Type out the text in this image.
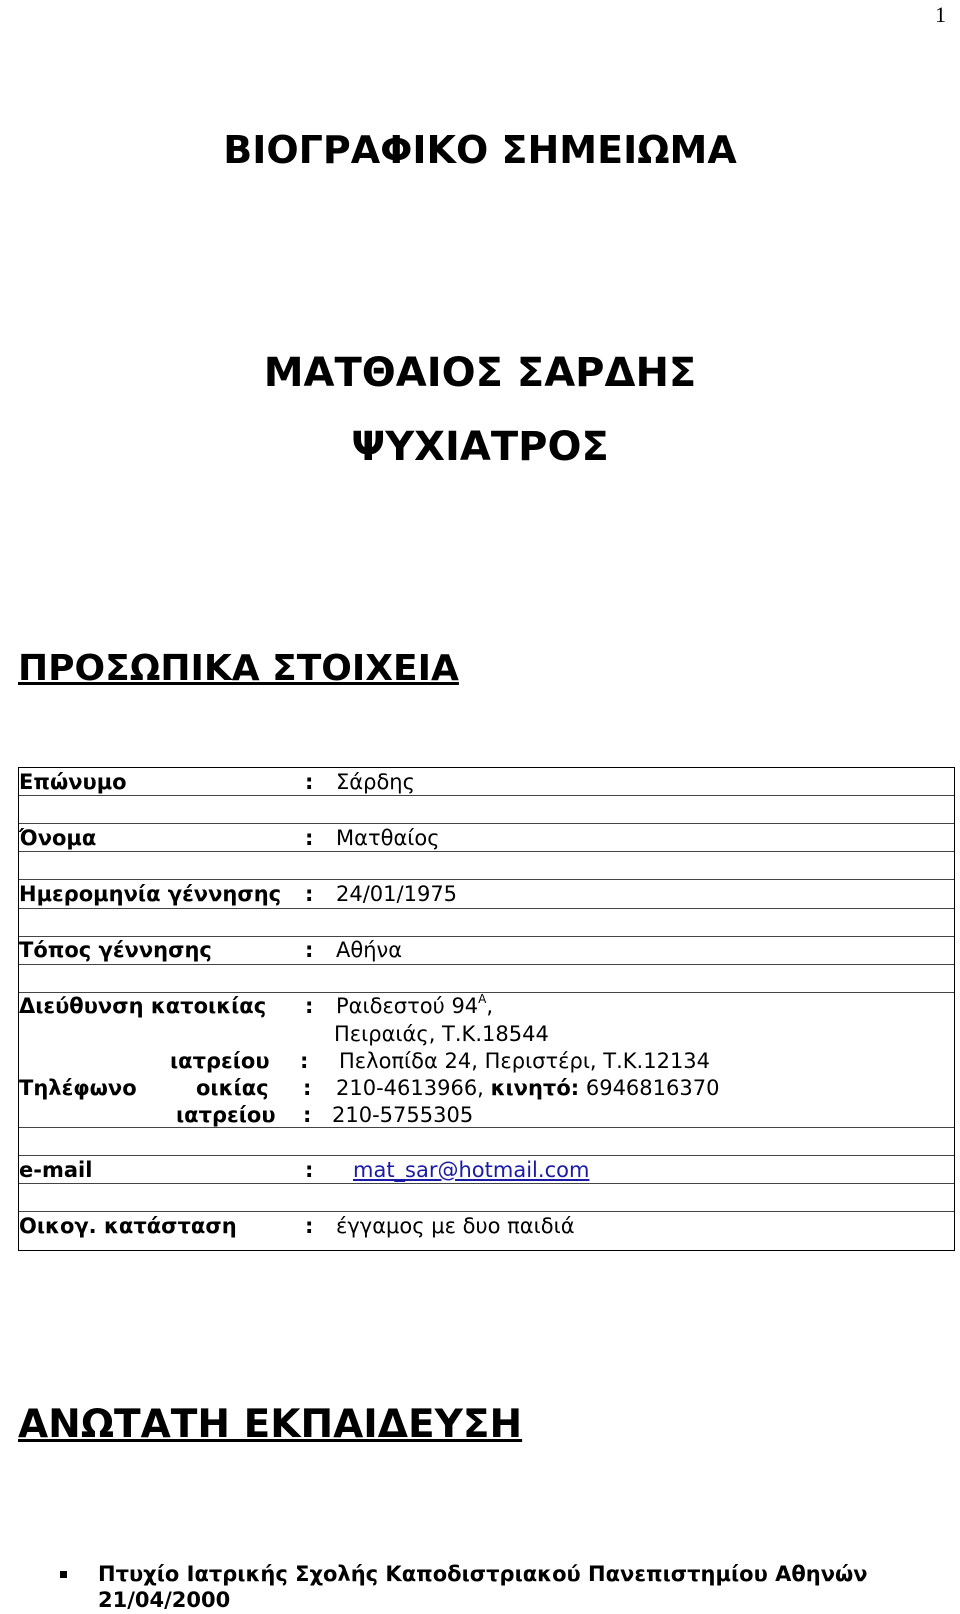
1
ΒΙΟΓΡΑΦΙΚΟ ΣΗΜΕΙΩΜΑ
ΜΑΤΘΑΙΟΣ ΣΑΡΔΗΣ
ΨΥΧΙΑΤΡΟΣ
ΠΡΟΣΩΠΙΚΑ ΣΤΟΙΧΕΙΑ
Επώνυμο	: Σάρδης
Όνομα	: Ματθαίος
Ημερομηνία γέννησης : 24/01/1975
Τόπος γέννησης	: Αθήνα
Διεύθυνση κατοικίας : Ραιδεστού $94^A$,
Πειραιάς, Τ.Κ.18544
ιατρείου : Πελοπίδα 24, Περιστέρι, Τ.Κ.12134
Τηλέφωνο	οικίας : 210-4613966, κινητό: 6946816370
ιατρείου : 210-5755305
e-mail	: mat_sar@hotmail.com
Οικογ. κατάσταση	: έγγαμος με δυο παιδιά
ΑΝΩΤΑΤΗ ΕΚΠΑΙΔΕΥΣΗ
Πτυχίο Ιατρικής Σχολής Καποδιστριακού Πανεπιστημίου Αθηνών
21/04/2000
